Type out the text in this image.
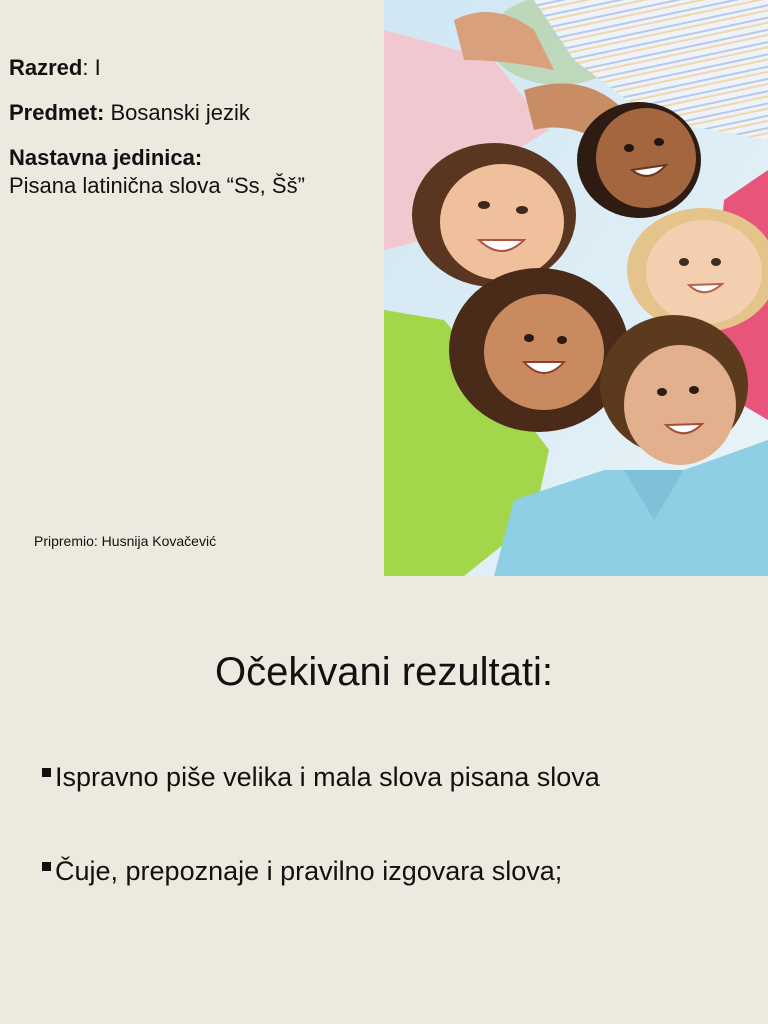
Razred: I
Predmet: Bosanski jezik
Nastavna jedinica:
Pisana latinična slova “Ss, Šš”
Pripremio: Husnija Kovačević
Očekivani rezultati:
Ispravno piše velika i mala slova pisana slova
Čuje, prepoznaje i pravilno izgovara slova;
